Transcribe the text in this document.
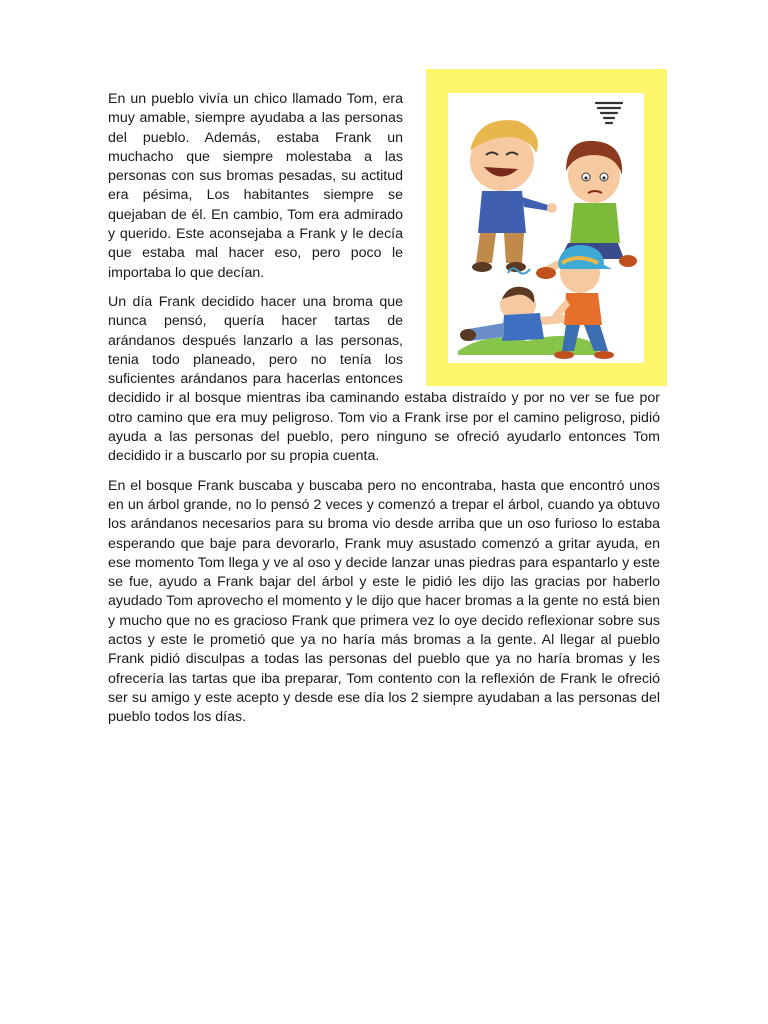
En un pueblo vivía un chico llamado Tom, era muy amable, siempre ayudaba a las personas del pueblo. Además, estaba Frank un muchacho que siempre molestaba a las personas con sus bromas pesadas, su actitud era pésima, Los habitantes siempre se quejaban de él. En cambio, Tom era admirado y querido. Este aconsejaba a Frank y le decía que estaba mal hacer eso, pero poco le importaba lo que decían.

Un día Frank decidido hacer una broma que nunca pensó, quería hacer tartas de arándanos después lanzarlo a las personas, tenia todo planeado, pero no tenía los suficientes arándanos para hacerlas entonces decidido ir al bosque mientras iba caminando estaba distraído y por no ver se fue por otro camino que era muy peligroso. Tom vio a Frank irse por el camino peligroso, pidió ayuda a las personas del pueblo, pero ninguno se ofreció ayudarlo entonces Tom decidido ir a buscarlo por su propia cuenta.

En el bosque Frank buscaba y buscaba pero no encontraba, hasta que encontró unos en un árbol grande, no lo pensó 2 veces y comenzó a trepar el árbol, cuando ya obtuvo los arándanos necesarios para su broma vio desde arriba que un oso furioso lo estaba esperando que baje para devorarlo, Frank muy asustado comenzó a gritar ayuda, en ese momento Tom llega y ve al oso y decide lanzar unas piedras para espantarlo y este se fue, ayudo a Frank bajar del árbol y este le pidió les dijo las gracias por haberlo ayudado Tom aprovecho el momento y le dijo que hacer bromas a la gente no está bien y mucho que no es gracioso Frank que primera vez lo oye decido reflexionar sobre sus actos y este le prometió que ya no haría más bromas a la gente. Al llegar al pueblo Frank pidió disculpas a todas las personas del pueblo que ya no haría bromas y les ofrecería las tartas que iba preparar, Tom contento con la reflexión de Frank le ofreció ser su amigo y este acepto y desde ese día los 2 siempre ayudaban a las personas del pueblo todos los días.
